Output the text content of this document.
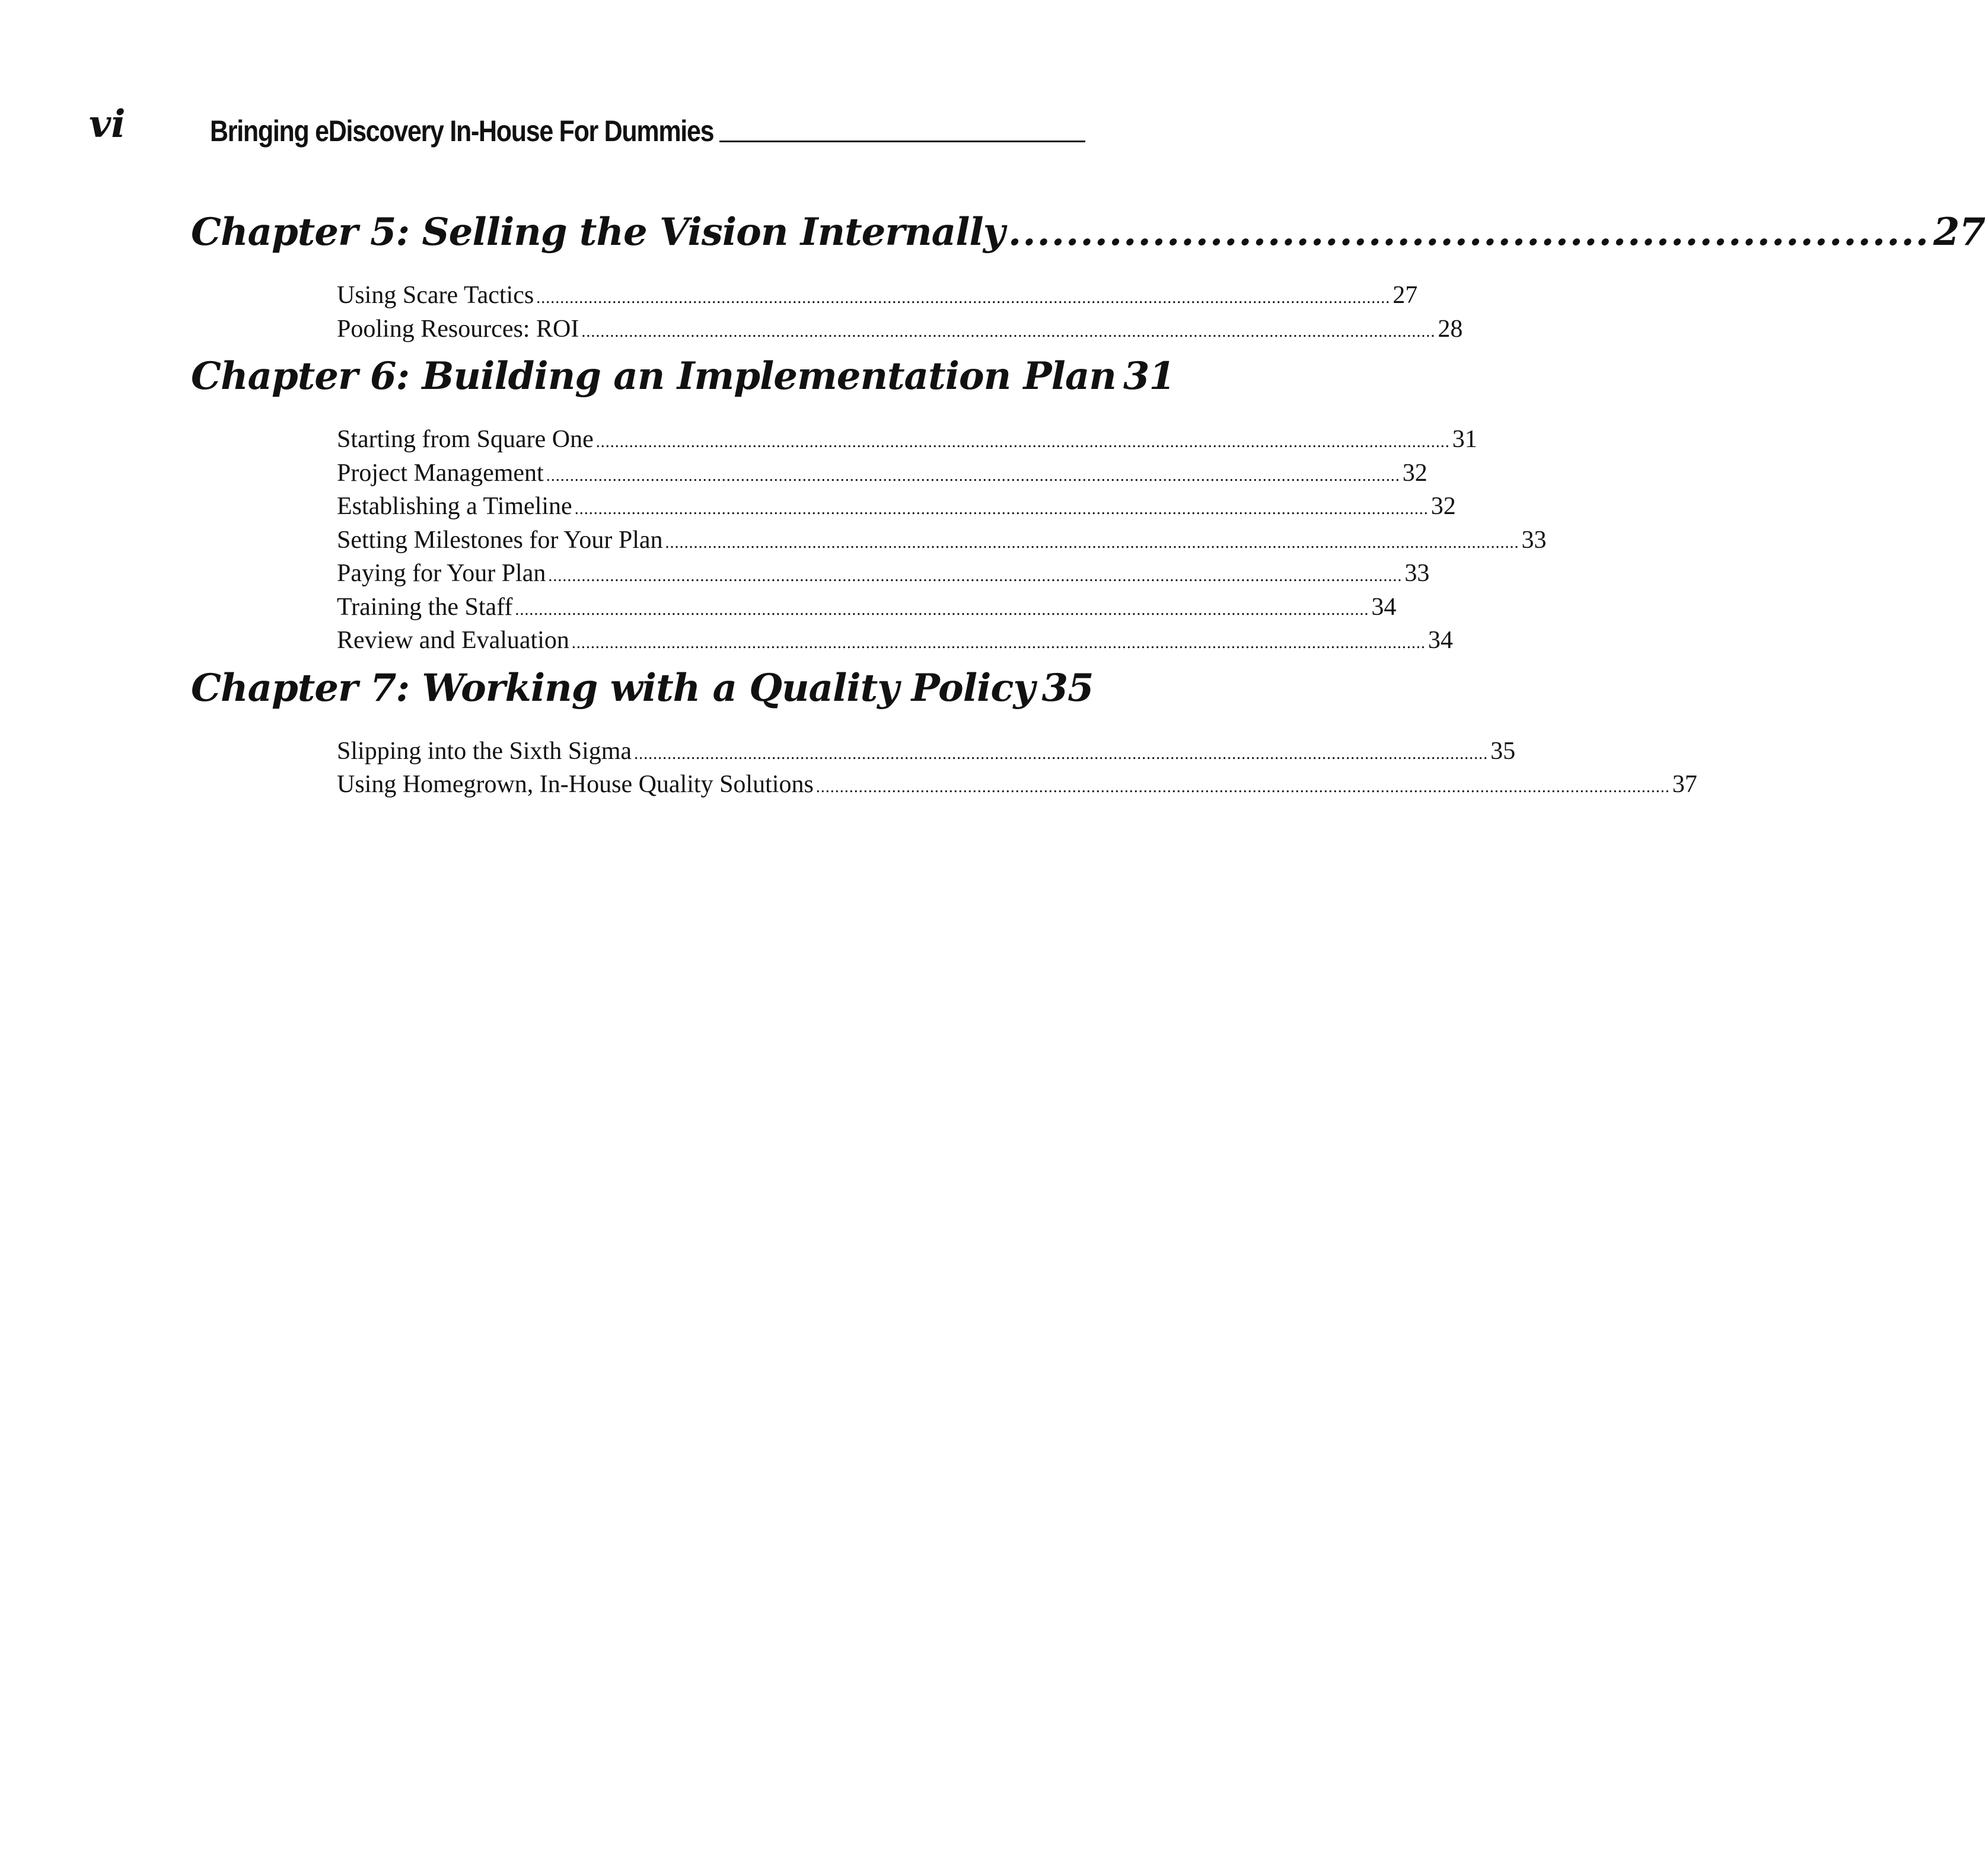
vi	Bringing eDiscovery In-House For Dummies
Chapter 5: Selling the Vision Internally ................................................................ 27
Using Scare Tactics .................................................................................................................................................................................... 27
Pooling Resources: ROI .................................................................................................................................................................................... 28
Chapter 6: Building an Implementation Plan 31
Starting from Square One .................................................................................................................................................................................... 31
Project Management .................................................................................................................................................................................... 32
Establishing a Timeline .................................................................................................................................................................................... 32
Setting Milestones for Your Plan .................................................................................................................................................................................... 33
Paying for Your Plan .................................................................................................................................................................................... 33
Training the Staff .................................................................................................................................................................................... 34
Review and Evaluation .................................................................................................................................................................................... 34
Chapter 7: Working with a Quality Policy 35
Slipping into the Sixth Sigma .................................................................................................................................................................................... 35
Using Homegrown, In-House Quality Solutions .................................................................................................................................................................................... 37
